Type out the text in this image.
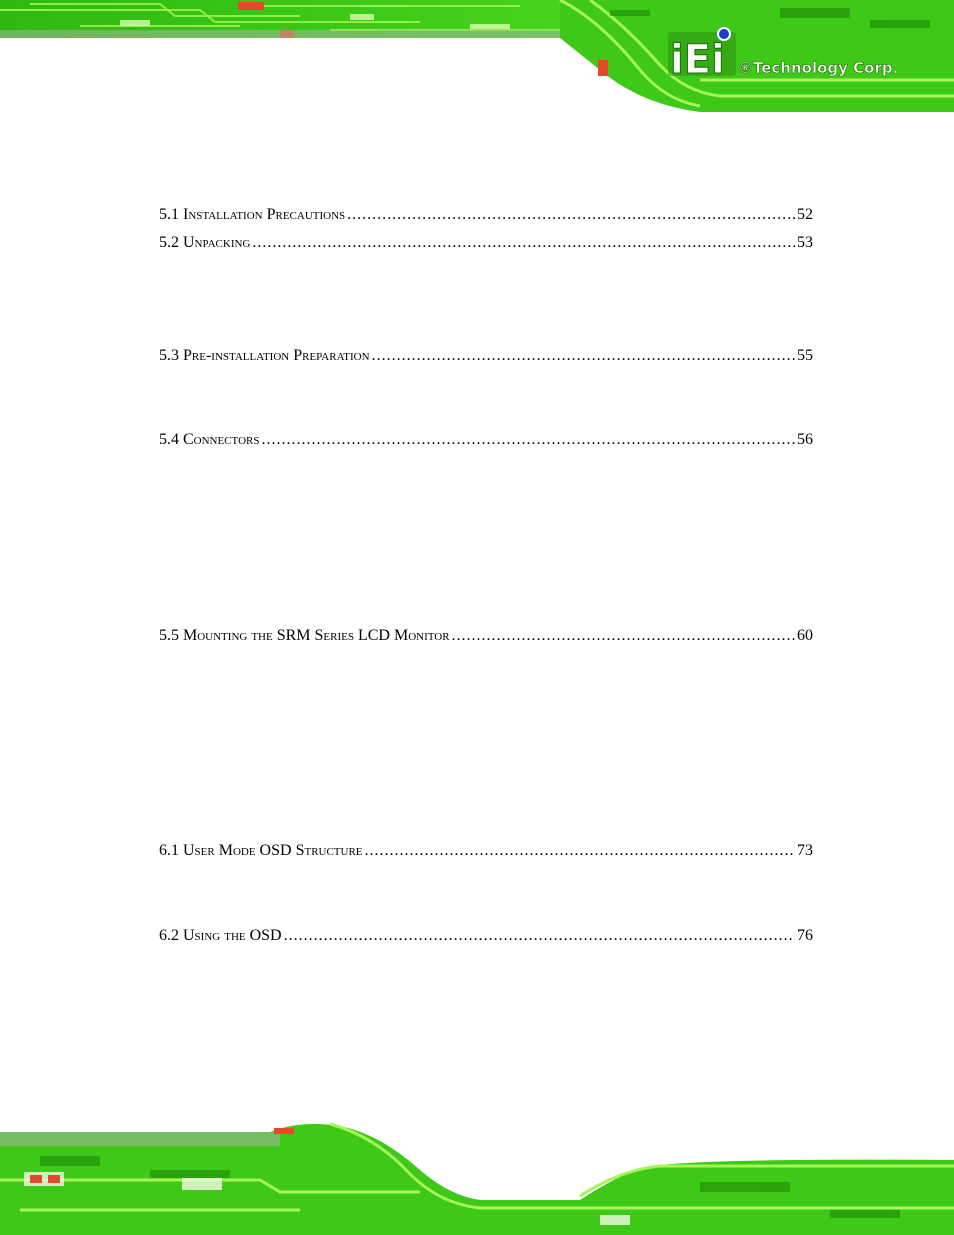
iEi ®Technology Corp.
5.1 Installation Precautions .....	52
5.2 Unpacking .....	53
5.3 Pre-installation Preparation .....	55
5.4 Connectors .....	56
5.5 Mounting the SRM Series LCD Monitor .....	60
6.1 User Mode OSD Structure .....	73
6.2 Using the OSD .....	76
